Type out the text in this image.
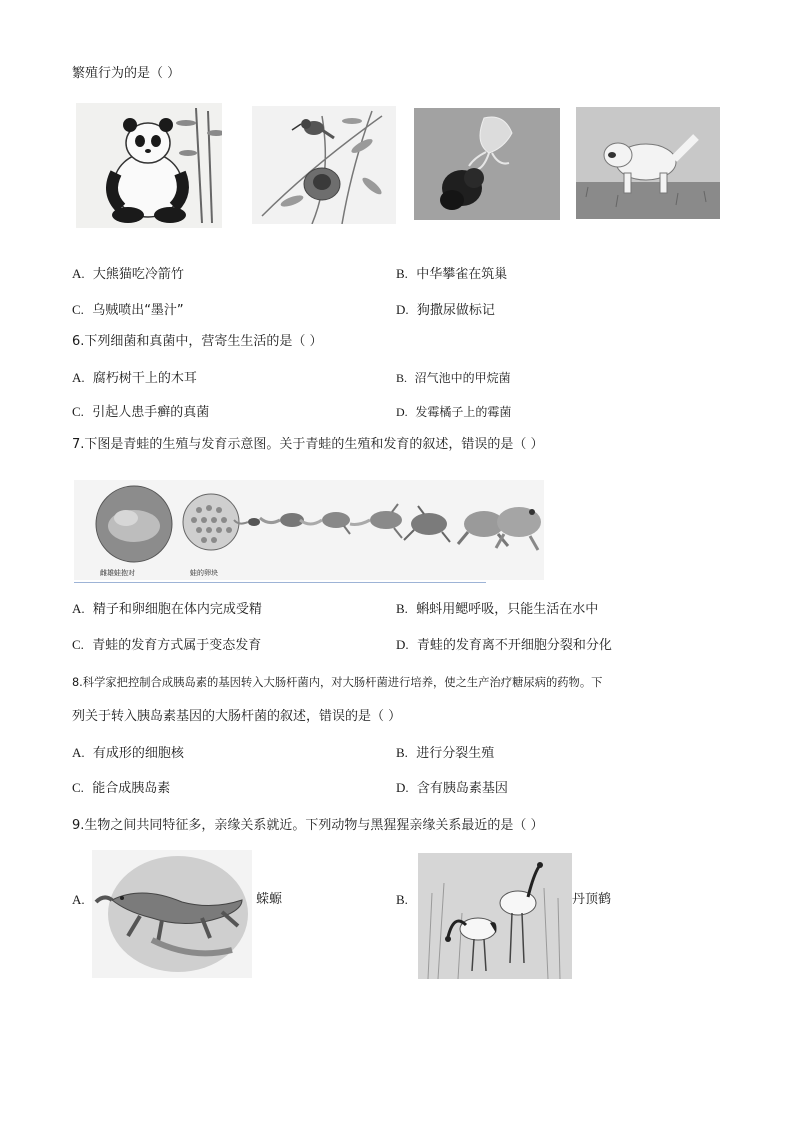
繁殖行为的是（ ）
A. 大熊猫吃冷箭竹	B. 中华攀雀在筑巢
C. 乌贼喷出“墨汁”	D. 狗撒尿做标记
6.下列细菌和真菌中，营寄生生活的是（ ）
A. 腐朽树干上的木耳	B. 沼气池中的甲烷菌
C. 引起人患手癣的真菌	D. 发霉橘子上的霉菌
7.下图是青蛙的生殖与发育示意图。关于青蛙的生殖和发育的叙述，错误的是（ ）
雌雄蛙抱对	蛙的卵块
A. 精子和卵细胞在体内完成受精	B. 蝌蚪用鳃呼吸，只能生活在水中
C. 青蛙的发育方式属于变态发育	D. 青蛙的发育离不开细胞分裂和分化
8.科学家把控制合成胰岛素的基因转入大肠杆菌内，对大肠杆菌进行培养，使之生产治疗糖尿病的药物。下
列关于转入胰岛素基因的大肠杆菌的叙述，错误的是（ ）
A. 有成形的细胞核	B. 进行分裂生殖
C. 能合成胰岛素	D. 含有胰岛素基因
9.生物之间共同特征多，亲缘关系就近。下列动物与黑猩猩亲缘关系最近的是（ ）
A.	蝾螈	B.	丹顶鹤
